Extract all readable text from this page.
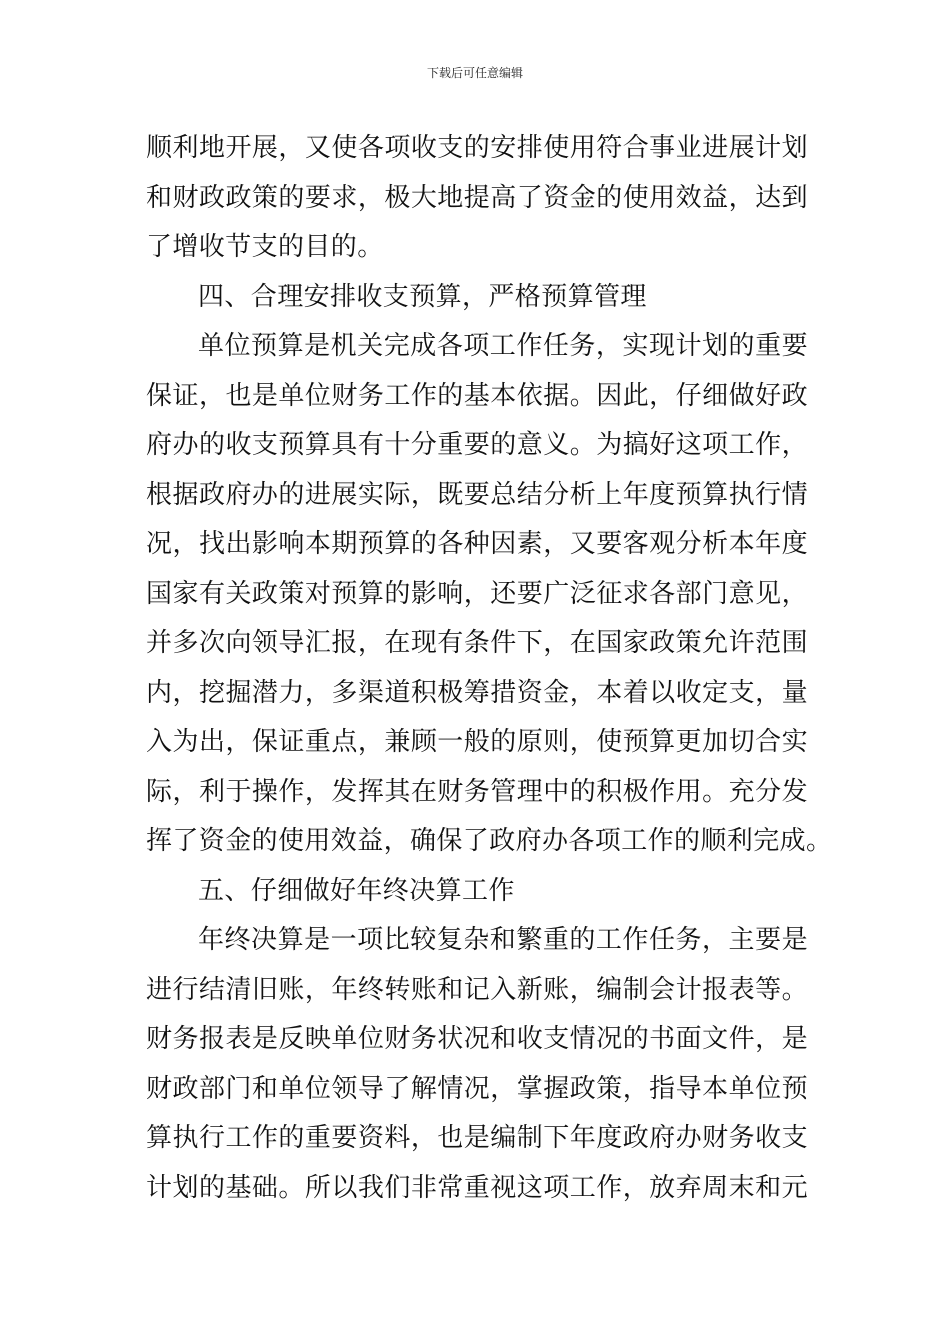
下载后可任意编辑
顺利地开展，又使各项收支的安排使用符合事业进展计划
和财政政策的要求，极大地提高了资金的使用效益，达到
了增收节支的目的。
四、合理安排收支预算，严格预算管理
单位预算是机关完成各项工作任务，实现计划的重要
保证，也是单位财务工作的基本依据。因此，仔细做好政
府办的收支预算具有十分重要的意义。为搞好这项工作，
根据政府办的进展实际，既要总结分析上年度预算执行情
况，找出影响本期预算的各种因素，又要客观分析本年度
国家有关政策对预算的影响，还要广泛征求各部门意见，
并多次向领导汇报，在现有条件下，在国家政策允许范围
内，挖掘潜力，多渠道积极筹措资金，本着以收定支，量
入为出，保证重点，兼顾一般的原则，使预算更加切合实
际，利于操作，发挥其在财务管理中的积极作用。充分发
挥了资金的使用效益，确保了政府办各项工作的顺利完成。
五、仔细做好年终决算工作
年终决算是一项比较复杂和繁重的工作任务，主要是
进行结清旧账，年终转账和记入新账，编制会计报表等。
财务报表是反映单位财务状况和收支情况的书面文件，是
财政部门和单位领导了解情况，掌握政策，指导本单位预
算执行工作的重要资料，也是编制下年度政府办财务收支
计划的基础。所以我们非常重视这项工作，放弃周末和元
